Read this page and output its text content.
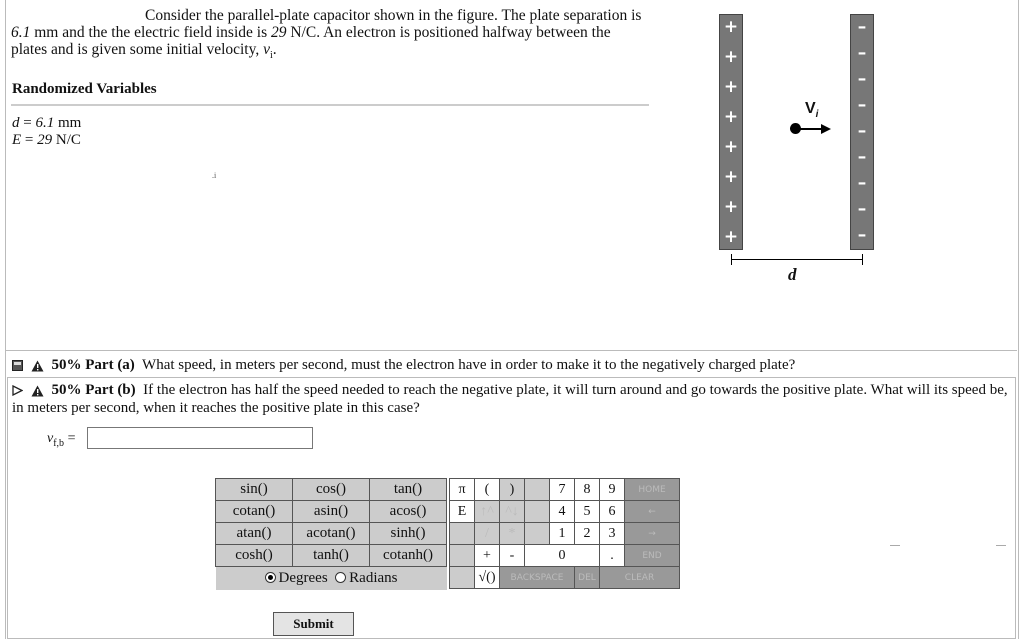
Consider the parallel-plate capacitor shown in the figure. The plate separation is
6.1 mm and the the electric field inside is 29 N/C. An electron is positioned halfway between the
plates and is given some initial velocity, $v_i$.
Randomized Variables
d = 6.1 mm
E = 29 N/C
.i
+
+
+
+
+
+
+
+
–
–
–
–
–
–
–
–
–
$V_i$
d
50% Part (a) What speed, in meters per second, must the electron have in order to make it to the negatively charged plate?
50% Part (b) If the electron has half the speed needed to reach the negative plate, it will turn around and go towards the positive plate. What will its speed be, in meters per second, when it reaches the positive plate in this case?
$v_{f,b}$ =
sin()	cos()	tan()
cotan()	asin()	acos()
atan()	acotan()	sinh()
cosh()	tanh()	cotanh()
Degrees Radians		
π	(	)		7	8	9	HOME
E	↑^	^↓		4	5	6	←
	/	*		1	2	3	→
	+	-	0			.	END
	√()	BACKSPACE			DEL	CLEAR	
Submit
